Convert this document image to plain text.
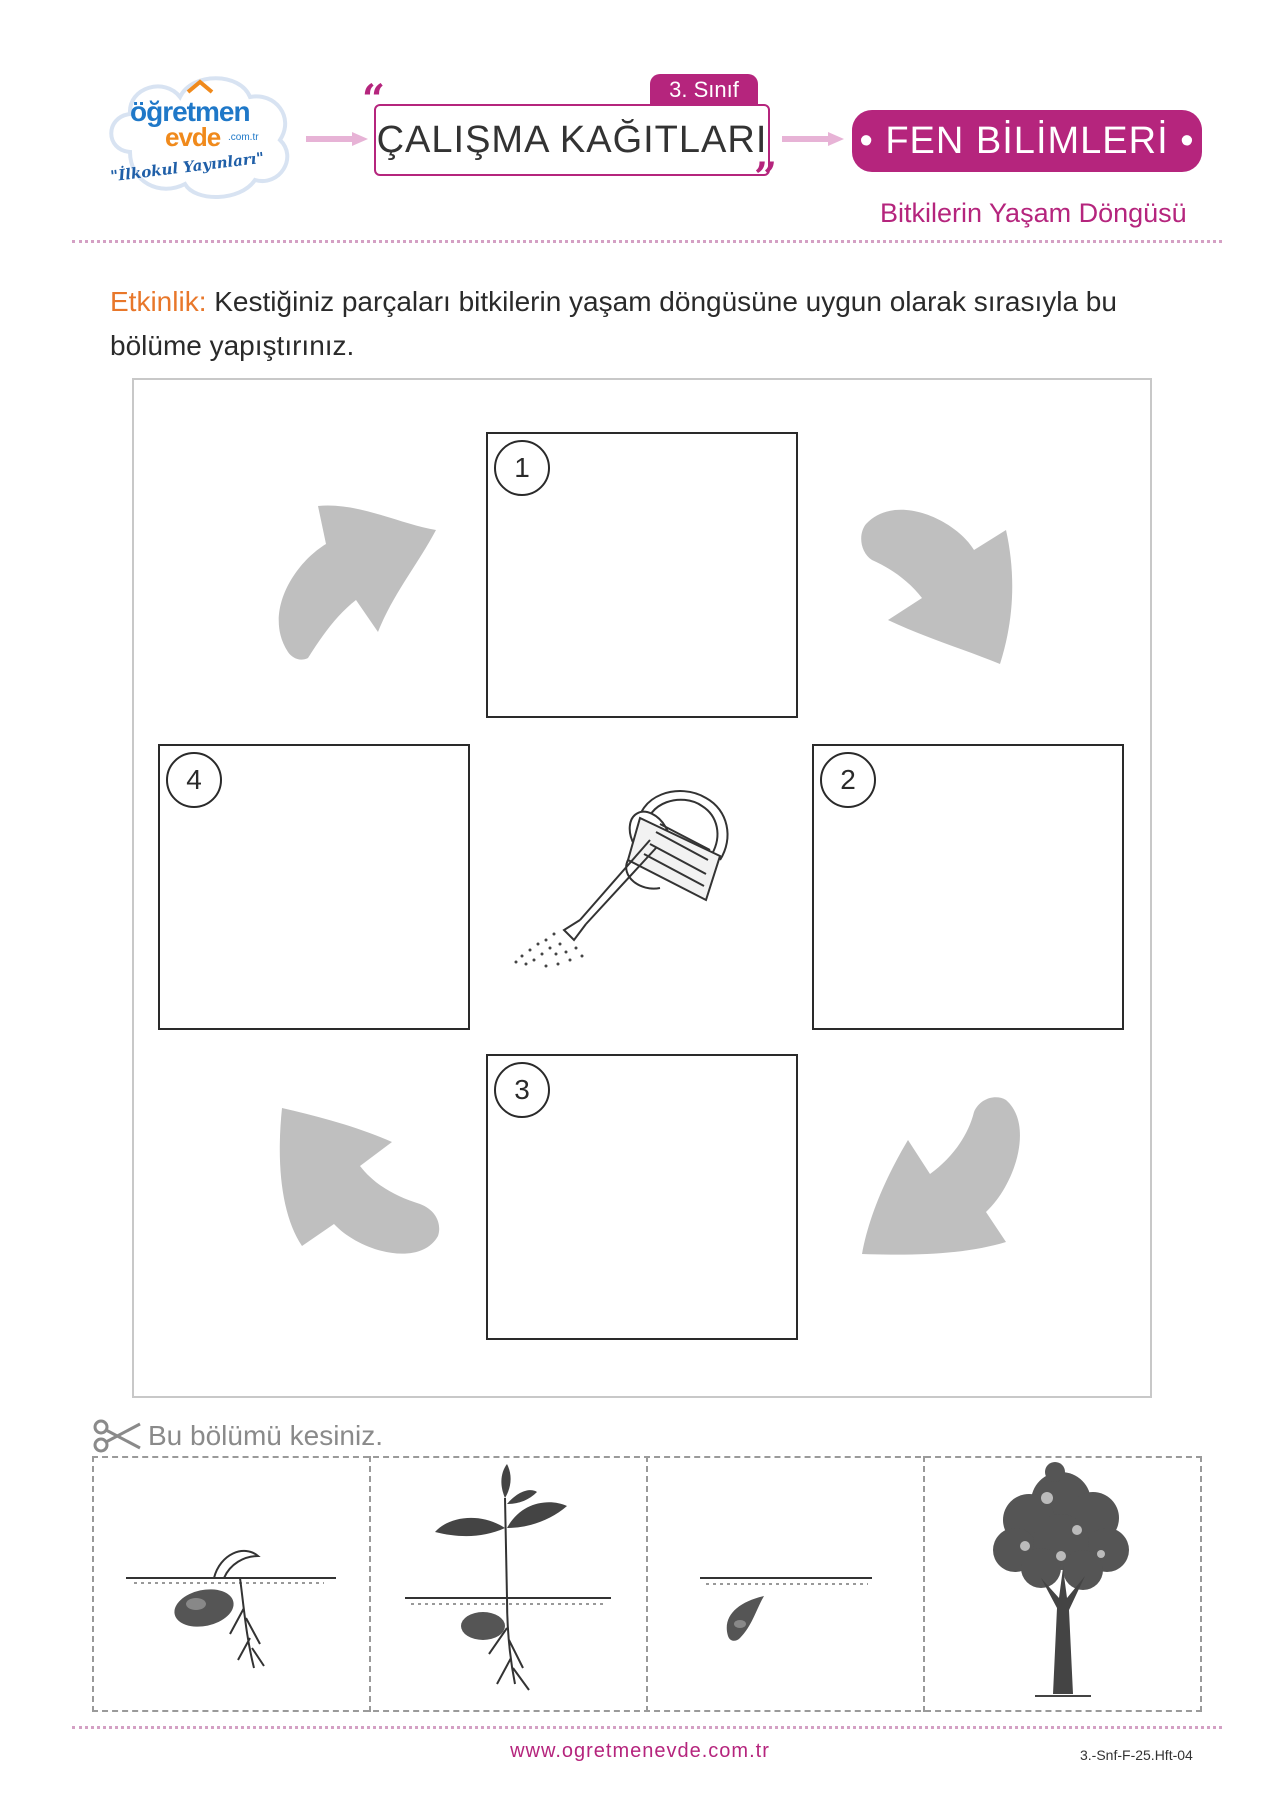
öğretmen
evde .com.tr
"İlkokul Yayınları"
“	3. Sınıf
ÇALIŞMA KAĞITLARI
”
• FEN BİLİMLERİ •
Bitkilerin Yaşam Döngüsü
Etkinlik: Kestiğiniz parçaları bitkilerin yaşam döngüsüne uygun olarak sırasıyla bu bölüme yapıştırınız.
1
2
3
4
Bu bölümü kesiniz.
www.ogretmenevde.com.tr	3.-Snf-F-25.Hft-04
